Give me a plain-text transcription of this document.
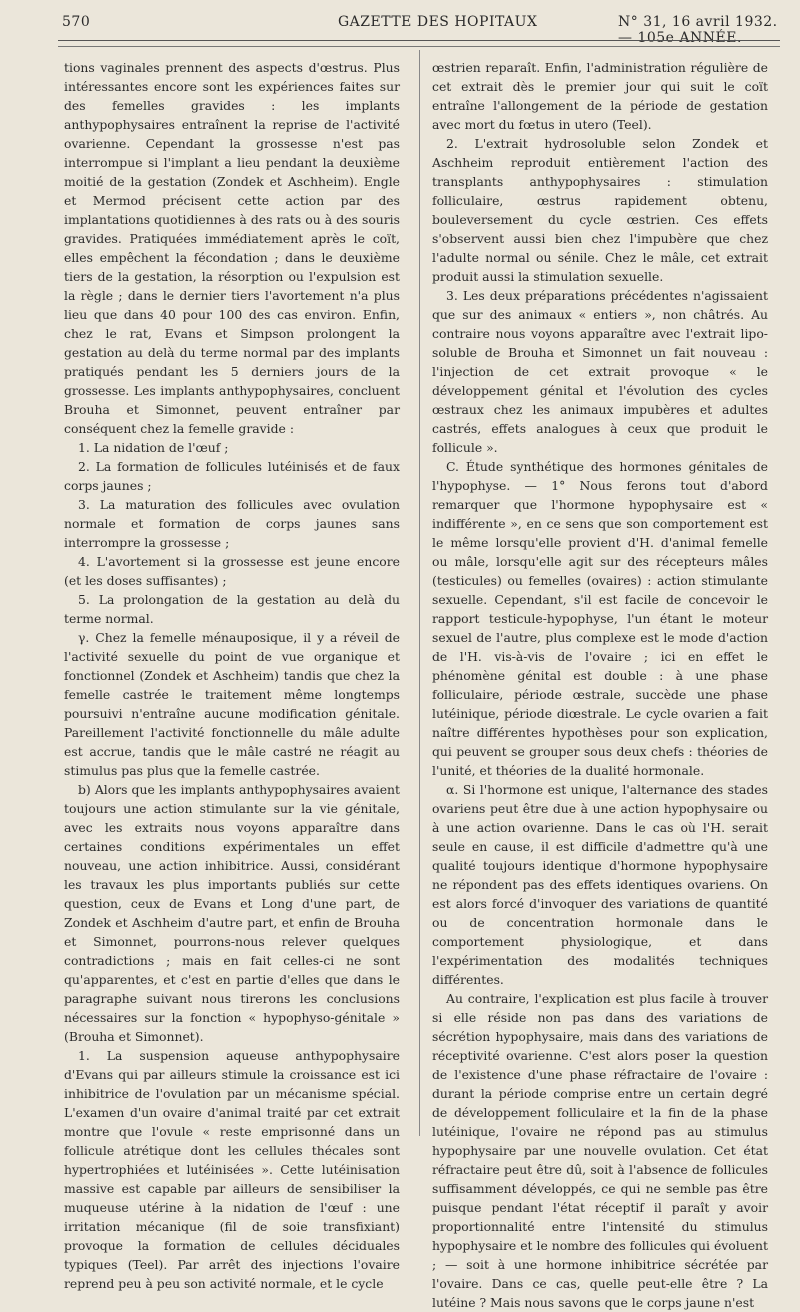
570	GAZETTE DES HOPITAUX	N° 31, 16 avril 1932. — 105e ANNÉE.

tions vaginales prennent des aspects d'œstrus. Plus intéressantes encore sont les expériences faites sur des femelles gravides : les implants anthypophysaires entraînent la reprise de l'activité ovarienne. Cependant la grossesse n'est pas interrompue si l'implant a lieu pendant la deuxième moitié de la gestation (Zondek et Aschheim). Engle et Mermod précisent cette action par des implantations quotidiennes à des rats ou à des souris gravides. Pratiquées immédiatement après le coït, elles empêchent la fécondation ; dans le deuxième tiers de la gestation, la résorption ou l'expulsion est la règle ; dans le dernier tiers l'avortement n'a plus lieu que dans 40 pour 100 des cas environ. Enfin, chez le rat, Evans et Simpson prolongent la gestation au delà du terme normal par des implants pratiqués pendant les 5 derniers jours de la grossesse. Les implants anthypophysaires, concluent Brouha et Simonnet, peuvent entraîner par conséquent chez la femelle gravide :

1. La nidation de l'œuf ;

2. La formation de follicules lutéinisés et de faux corps jaunes ;

3. La maturation des follicules avec ovulation normale et formation de corps jaunes sans interrompre la grossesse ;

4. L'avortement si la grossesse est jeune encore (et les doses suffisantes) ;

5. La prolongation de la gestation au delà du terme normal.

γ. Chez la femelle ménauposique, il y a réveil de l'activité sexuelle du point de vue organique et fonctionnel (Zondek et Aschheim) tandis que chez la femelle castrée le traitement même longtemps poursuivi n'entraîne aucune modification génitale. Pareillement l'activité fonctionnelle du mâle adulte est accrue, tandis que le mâle castré ne réagit au stimulus pas plus que la femelle castrée.

b) Alors que les implants anthypophysaires avaient toujours une action stimulante sur la vie génitale, avec les extraits nous voyons apparaître dans certaines conditions expérimentales un effet nouveau, une action inhibitrice. Aussi, considérant les travaux les plus importants publiés sur cette question, ceux de Evans et Long d'une part, de Zondek et Aschheim d'autre part, et enfin de Brouha et Simonnet, pourrons-nous relever quelques contradictions ; mais en fait celles-ci ne sont qu'apparentes, et c'est en partie d'elles que dans le paragraphe suivant nous tirerons les conclusions nécessaires sur la fonction « hypophyso-génitale » (Brouha et Simonnet).

1. La suspension aqueuse anthypophysaire d'Evans qui par ailleurs stimule la croissance est ici inhibitrice de l'ovulation par un mécanisme spécial. L'examen d'un ovaire d'animal traité par cet extrait montre que l'ovule « reste emprisonné dans un follicule atrétique dont les cellules thécales sont hypertrophiées et lutéinisées ». Cette lutéinisation massive est capable par ailleurs de sensibiliser la muqueuse utérine à la nidation de l'œuf : une irritation mécanique (fil de soie transfixiant) provoque la formation de cellules déciduales typiques (Teel). Par arrêt des injections l'ovaire reprend peu à peu son activité normale, et le cycle

œstrien reparaît. Enfin, l'administration régulière de cet extrait dès le premier jour qui suit le coït entraîne l'allongement de la période de gestation avec mort du fœtus in utero (Teel).

2. L'extrait hydrosoluble selon Zondek et Aschheim reproduit entièrement l'action des transplants anthypophysaires : stimulation folliculaire, œstrus rapidement obtenu, bouleversement du cycle œstrien. Ces effets s'observent aussi bien chez l'impubère que chez l'adulte normal ou sénile. Chez le mâle, cet extrait produit aussi la stimulation sexuelle.

3. Les deux préparations précédentes n'agissaient que sur des animaux « entiers », non châtrés. Au contraire nous voyons apparaître avec l'extrait lipo-soluble de Brouha et Simonnet un fait nouveau : l'injection de cet extrait provoque « le développement génital et l'évolution des cycles œstraux chez les animaux impubères et adultes castrés, effets analogues à ceux que produit le follicule ».

C. Étude synthétique des hormones génitales de l'hypophyse. — 1° Nous ferons tout d'abord remarquer que l'hormone hypophysaire est « indifférente », en ce sens que son comportement est le même lorsqu'elle provient d'H. d'animal femelle ou mâle, lorsqu'elle agit sur des récepteurs mâles (testicules) ou femelles (ovaires) : action stimulante sexuelle. Cependant, s'il est facile de concevoir le rapport testicule-hypophyse, l'un étant le moteur sexuel de l'autre, plus complexe est le mode d'action de l'H. vis-à-vis de l'ovaire ; ici en effet le phénomène génital est double : à une phase folliculaire, période œstrale, succède une phase lutéinique, période diœstrale. Le cycle ovarien a fait naître différentes hypothèses pour son explication, qui peuvent se grouper sous deux chefs : théories de l'unité, et théories de la dualité hormonale.

α. Si l'hormone est unique, l'alternance des stades ovariens peut être due à une action hypophysaire ou à une action ovarienne. Dans le cas où l'H. serait seule en cause, il est difficile d'admettre qu'à une qualité toujours identique d'hormone hypophysaire ne répondent pas des effets identiques ovariens. On est alors forcé d'invoquer des variations de quantité ou de concentration hormonale dans le comportement physiologique, et dans l'expérimentation des modalités techniques différentes.

Au contraire, l'explication est plus facile à trouver si elle réside non pas dans des variations de sécrétion hypophysaire, mais dans des variations de réceptivité ovarienne. C'est alors poser la question de l'existence d'une phase réfractaire de l'ovaire : durant la période comprise entre un certain degré de développement folliculaire et la fin de la phase lutéinique, l'ovaire ne répond pas au stimulus hypophysaire par une nouvelle ovulation. Cet état réfractaire peut être dû, soit à l'absence de follicules suffisamment développés, ce qui ne semble pas être puisque pendant l'état réceptif il paraît y avoir proportionnalité entre l'intensité du stimulus hypophysaire et le nombre des follicules qui évoluent ; — soit à une hormone inhibitrice sécrétée par l'ovaire. Dans ce cas, quelle peut-elle être ? La lutéine ? Mais nous savons que le corps jaune n'est
